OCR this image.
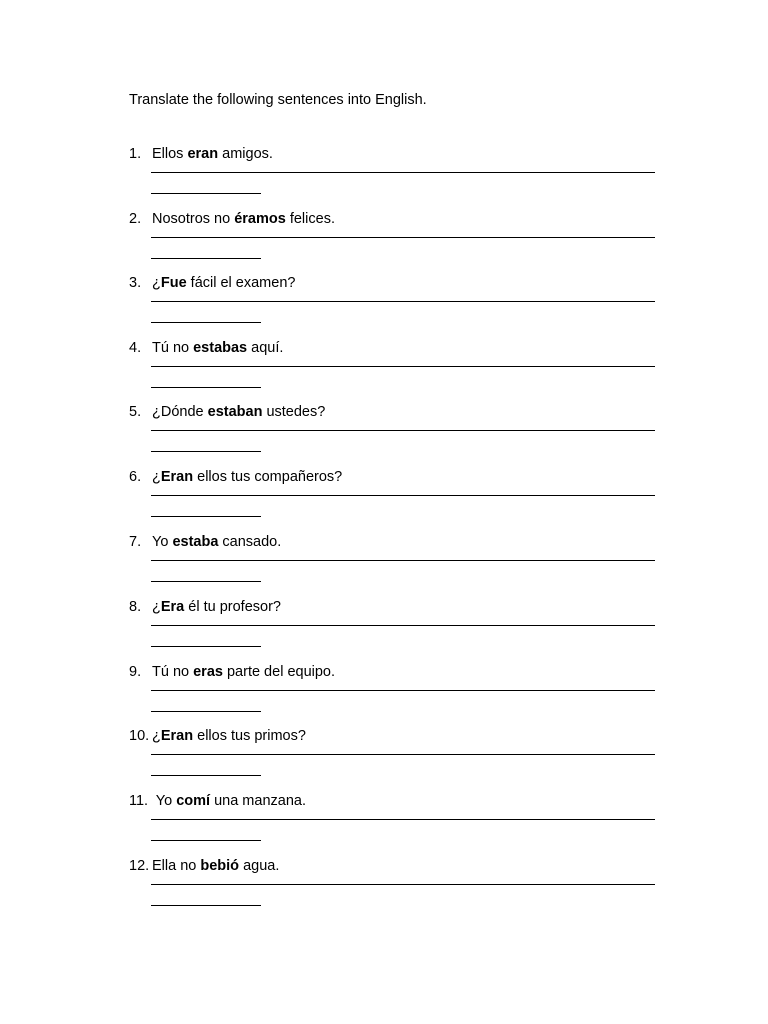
Translate the following sentences into English.
1. Ellos eran amigos.
2. Nosotros no éramos felices.
3. ¿Fue fácil el examen?
4. Tú no estabas aquí.
5. ¿Dónde estaban ustedes?
6. ¿Eran ellos tus compañeros?
7. Yo estaba cansado.
8. ¿Era él tu profesor?
9. Tú no eras parte del equipo.
10. ¿Eran ellos tus primos?
11. Yo comí una manzana.
12. Ella no bebió agua.
